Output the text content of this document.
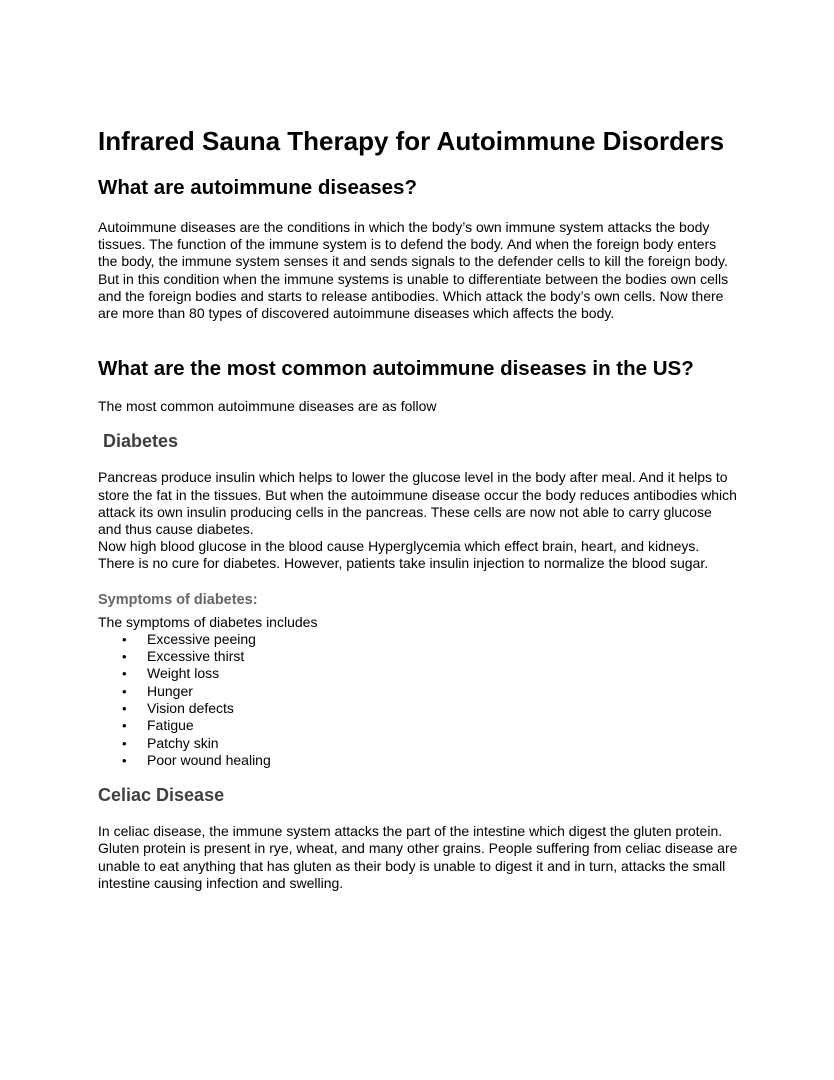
Infrared Sauna Therapy for Autoimmune Disorders
What are autoimmune diseases?

Autoimmune diseases are the conditions in which the body’s own immune system attacks the body tissues. The function of the immune system is to defend the body. And when the foreign body enters the body, the immune system senses it and sends signals to the defender cells to kill the foreign body. But in this condition when the immune systems is unable to differentiate between the bodies own cells and the foreign bodies and starts to release antibodies. Which attack the body’s own cells. Now there are more than 80 types of discovered autoimmune diseases which affects the body.

What are the most common autoimmune diseases in the US?

The most common autoimmune diseases are as follow

Diabetes

Pancreas produce insulin which helps to lower the glucose level in the body after meal. And it helps to store the fat in the tissues. But when the autoimmune disease occur the body reduces antibodies which attack its own insulin producing cells in the pancreas. These cells are now not able to carry glucose and thus cause diabetes.

Now high blood glucose in the blood cause Hyperglycemia which effect brain, heart, and kidneys.

There is no cure for diabetes. However, patients take insulin injection to normalize the blood sugar.

Symptoms of diabetes:

The symptoms of diabetes includes

• Excessive peeing
• Excessive thirst
• Weight loss
• Hunger
• Vision defects
• Fatigue
• Patchy skin
• Poor wound healing
Celiac Disease

In celiac disease, the immune system attacks the part of the intestine which digest the gluten protein. Gluten protein is present in rye, wheat, and many other grains. People suffering from celiac disease are unable to eat anything that has gluten as their body is unable to digest it and in turn, attacks the small intestine causing infection and swelling.
